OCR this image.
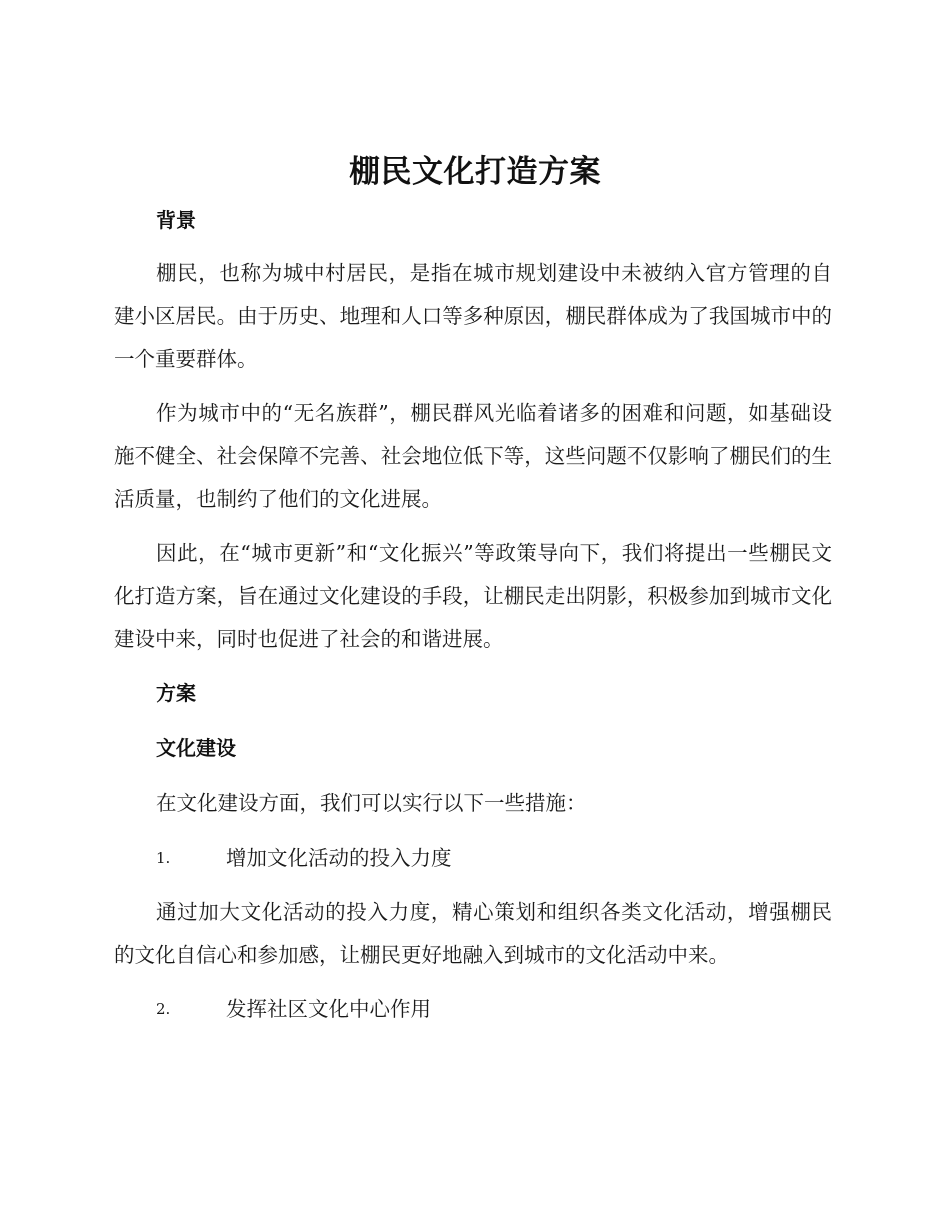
棚民文化打造方案
背景

棚民，也称为城中村居民，是指在城市规划建设中未被纳入官方管理的自建小区居民。由于历史、地理和人口等多种原因，棚民群体成为了我国城市中的一个重要群体。

作为城市中的“无名族群”，棚民群风光临着诸多的困难和问题，如基础设施不健全、社会保障不完善、社会地位低下等，这些问题不仅影响了棚民们的生活质量，也制约了他们的文化进展。

因此，在“城市更新”和“文化振兴”等政策导向下，我们将提出一些棚民文化打造方案，旨在通过文化建设的手段，让棚民走出阴影，积极参加到城市文化建设中来，同时也促进了社会的和谐进展。

方案
文化建设
在文化建设方面，我们可以实行以下一些措施：
1.	增加文化活动的投入力度

通过加大文化活动的投入力度，精心策划和组织各类文化活动，增强棚民的文化自信心和参加感，让棚民更好地融入到城市的文化活动中来。

2.	发挥社区文化中心作用
